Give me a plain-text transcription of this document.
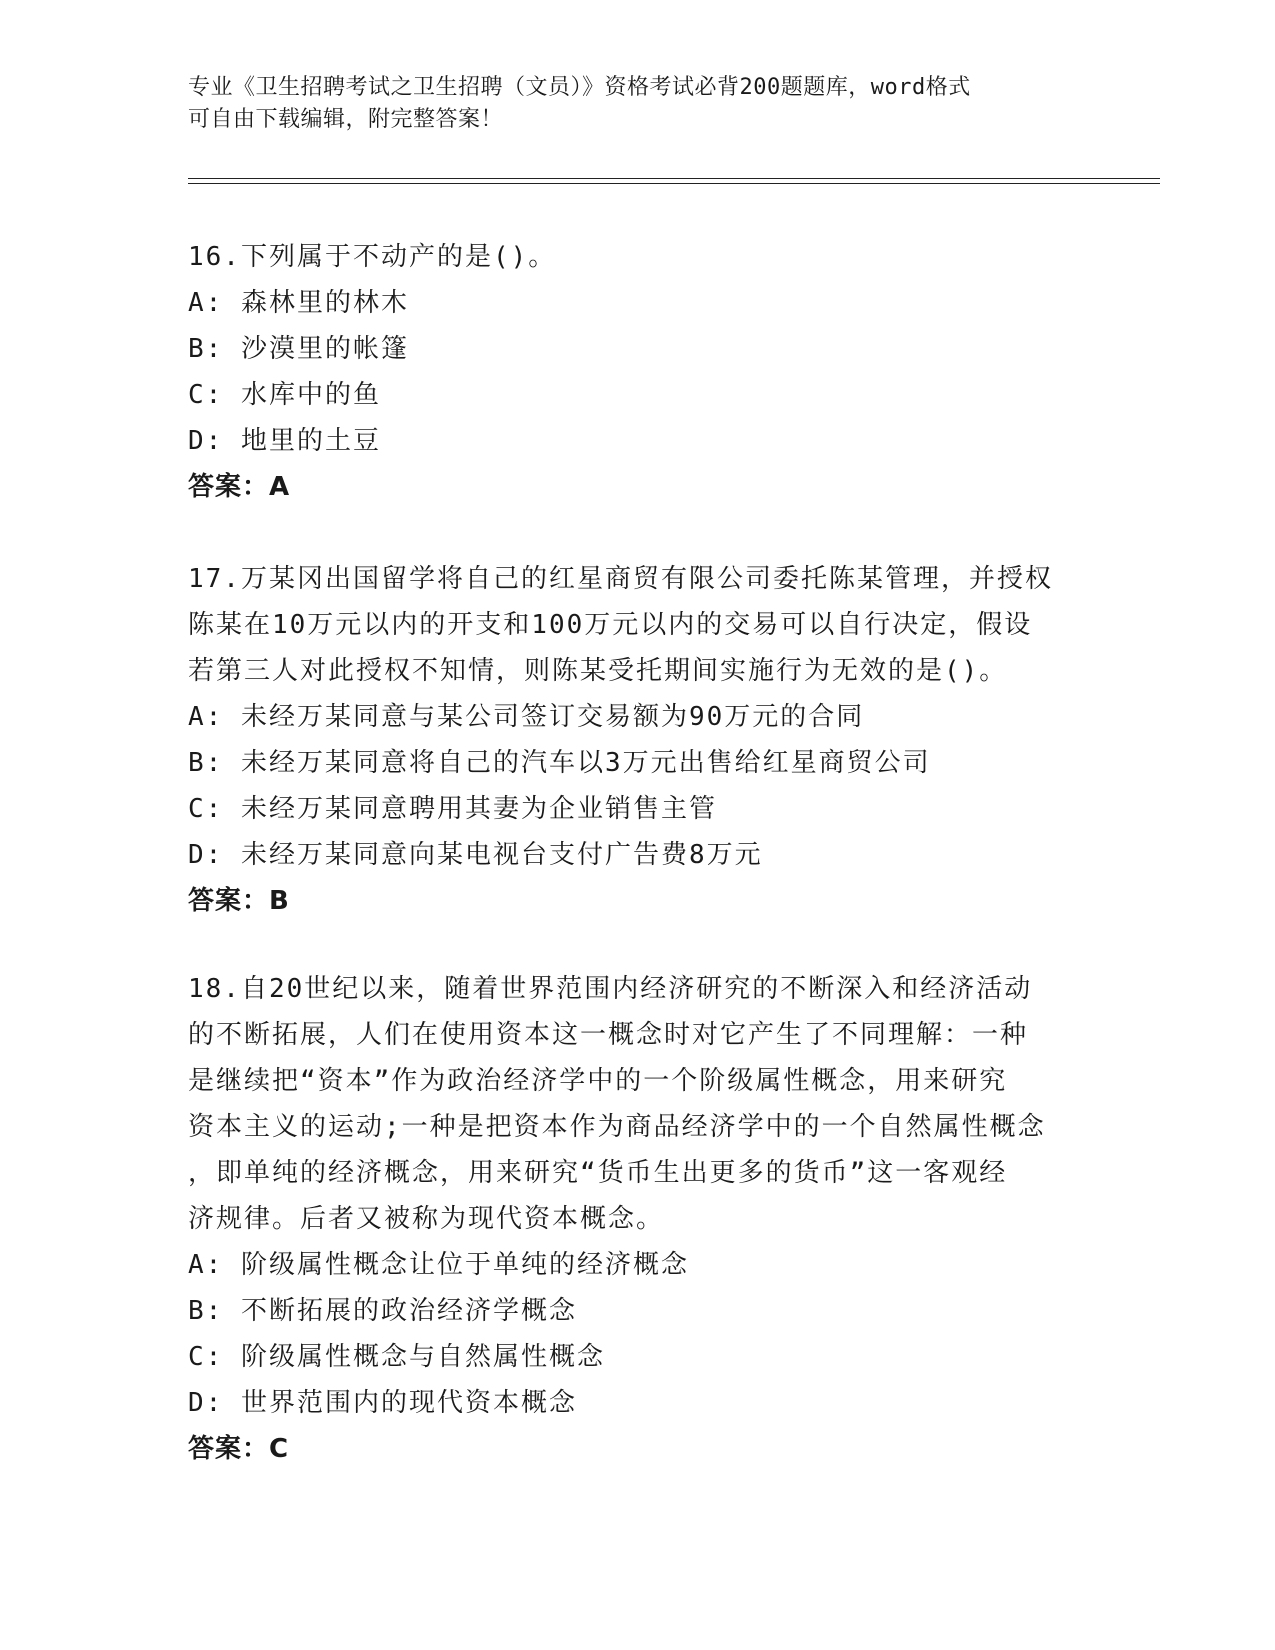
专业《卫生招聘考试之卫生招聘（文员）》资格考试必背200题题库，word格式

可自由下载编辑，附完整答案！

16.下列属于不动产的是()。

A: 森林里的林木

B: 沙漠里的帐篷

C: 水库中的鱼

D: 地里的土豆

答案：A

17.万某冈出国留学将自己的红星商贸有限公司委托陈某管理，并授权

陈某在10万元以内的开支和100万元以内的交易可以自行决定，假设

若第三人对此授权不知情，则陈某受托期间实施行为无效的是()。

A: 未经万某同意与某公司签订交易额为90万元的合同

B: 未经万某同意将自己的汽车以3万元出售给红星商贸公司

C: 未经万某同意聘用其妻为企业销售主管

D: 未经万某同意向某电视台支付广告费8万元

答案：B

18.自20世纪以来，随着世界范围内经济研究的不断深入和经济活动

的不断拓展，人们在使用资本这一概念时对它产生了不同理解：一种

是继续把“资本”作为政治经济学中的一个阶级属性概念，用来研究

资本主义的运动;一种是把资本作为商品经济学中的一个自然属性概念

，即单纯的经济概念，用来研究“货币生出更多的货币”这一客观经

济规律。后者又被称为现代资本概念。

A: 阶级属性概念让位于单纯的经济概念

B: 不断拓展的政治经济学概念

C: 阶级属性概念与自然属性概念

D: 世界范围内的现代资本概念

答案：C
